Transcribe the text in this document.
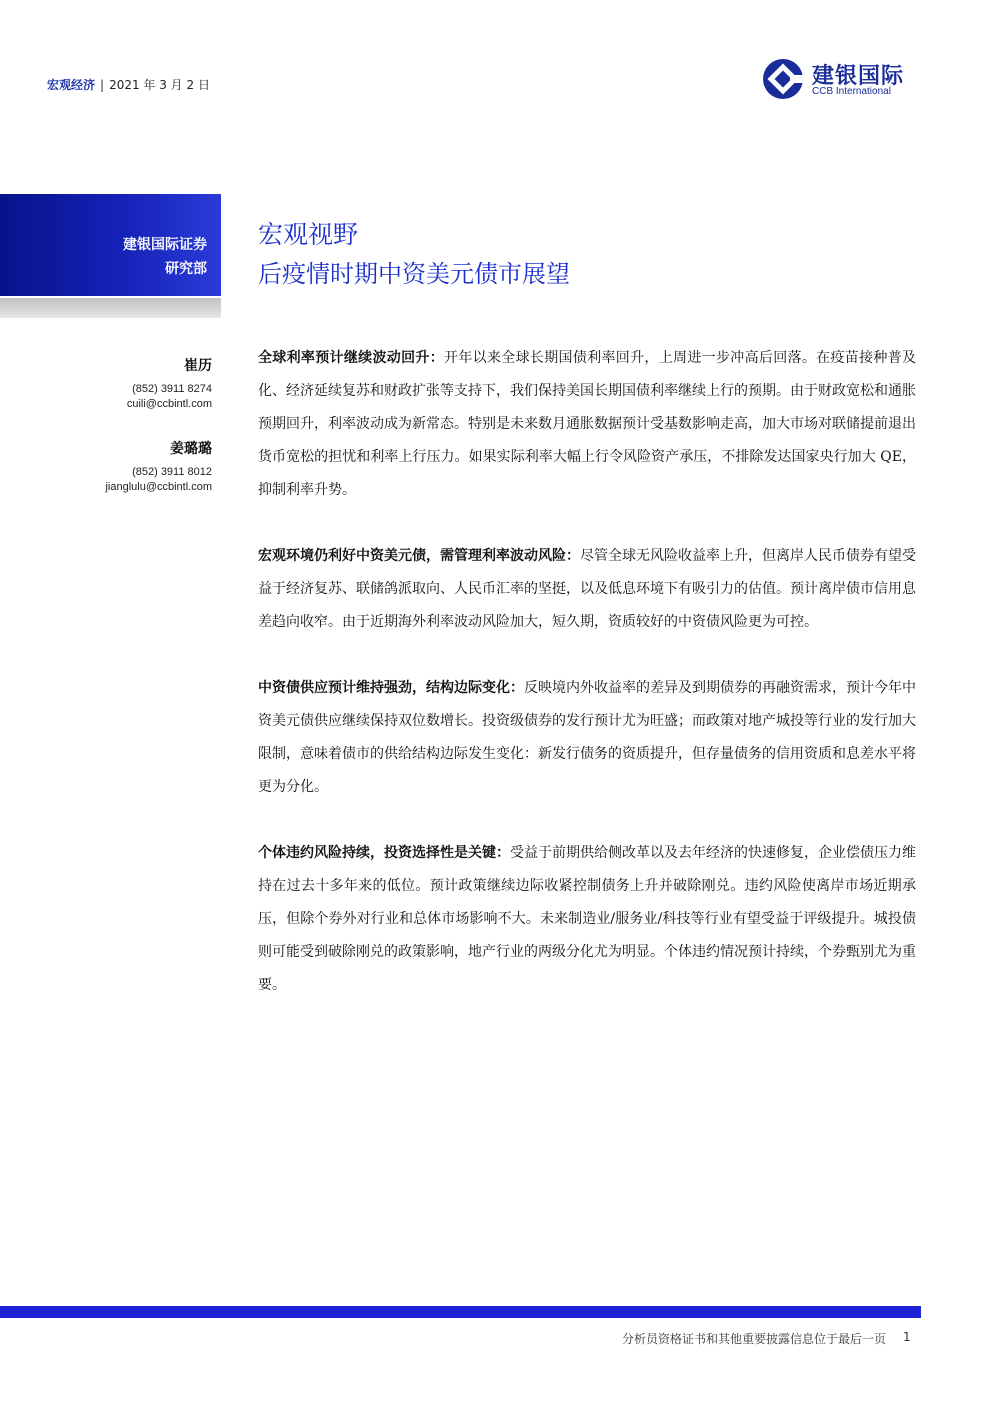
宏观经济 | 2021 年 3 月 2 日	建银国际
CCB International
建银国际证券
研究部
宏观视野
后疫情时期中资美元债市展望
崔历
(852) 3911 8274
cuili@ccbintl.com
姜璐璐
(852) 3911 8012
jianglulu@ccbintl.com

全球利率预计继续波动回升：开年以来全球长期国债利率回升，上周进一步冲高后回落。在疫苗接种普及化、经济延续复苏和财政扩张等支持下，我们保持美国长期国债利率继续上行的预期。由于财政宽松和通胀预期回升，利率波动成为新常态。特别是未来数月通胀数据预计受基数影响走高，加大市场对联储提前退出货币宽松的担忧和利率上行压力。如果实际利率大幅上行令风险资产承压，不排除发达国家央行加大 QE，抑制利率升势。

宏观环境仍利好中资美元债，需管理利率波动风险：尽管全球无风险收益率上升，但离岸人民币债券有望受益于经济复苏、联储鸽派取向、人民币汇率的坚挺，以及低息环境下有吸引力的估值。预计离岸债市信用息差趋向收窄。由于近期海外利率波动风险加大，短久期，资质较好的中资债风险更为可控。

中资债供应预计维持强劲，结构边际变化：反映境内外收益率的差异及到期债券的再融资需求，预计今年中资美元债供应继续保持双位数增长。投资级债券的发行预计尤为旺盛；而政策对地产城投等行业的发行加大限制，意味着债市的供给结构边际发生变化：新发行债务的资质提升，但存量债务的信用资质和息差水平将更为分化。

个体违约风险持续，投资选择性是关键：受益于前期供给侧改革以及去年经济的快速修复，企业偿债压力维持在过去十多年来的低位。预计政策继续边际收紧控制债务上升并破除刚兑。违约风险使离岸市场近期承压，但除个券外对行业和总体市场影响不大。未来制造业/服务业/科技等行业有望受益于评级提升。城投债则可能受到破除刚兑的政策影响，地产行业的两级分化尤为明显。个体违约情况预计持续，个券甄别尤为重要。

分析员资格证书和其他重要披露信息位于最后一页 1
